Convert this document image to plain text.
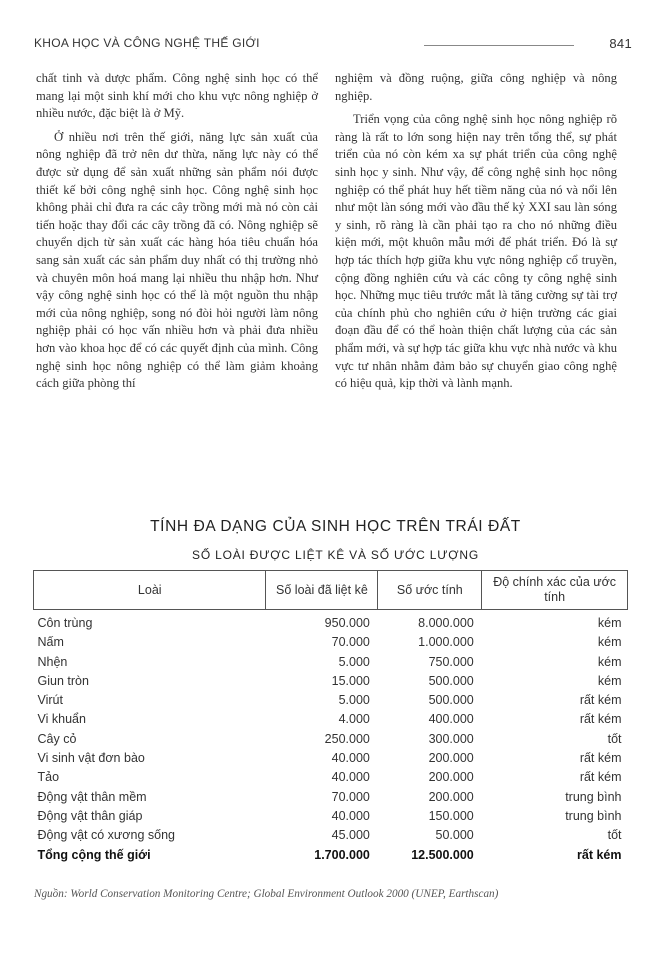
KHOA HỌC VÀ CÔNG NGHỆ THẾ GIỚI	841

chất tinh và dược phẩm. Công nghệ sinh học có thể mang lại một sinh khí mới cho khu vực nông nghiệp ở nhiều nước, đặc biệt là ở Mỹ.

Ở nhiều nơi trên thế giới, năng lực sản xuất của nông nghiệp đã trở nên dư thừa, năng lực này có thể được sử dụng để sản xuất những sản phẩm nói được thiết kế bởi công nghệ sinh học. Công nghệ sinh học không phải chỉ đưa ra các cây trồng mới mà nó còn cải tiến hoặc thay đổi các cây trồng đã có. Nông nghiệp sẽ chuyển dịch từ sản xuất các hàng hóa tiêu chuẩn hóa sang sản xuất các sản phẩm duy nhất có thị trường nhỏ và chuyên môn hoá mang lại nhiều thu nhập hơn. Như vậy công nghệ sinh học có thể là một nguồn thu nhập mới của nông nghiệp, song nó đòi hỏi người làm nông nghiệp phải có học vấn nhiều hơn và phải đưa nhiều hơn vào khoa học để có các quyết định của mình. Công nghệ sinh học nông nghiệp có thể làm giảm khoảng cách giữa phòng thí

nghiệm và đồng ruộng, giữa công nghiệp và nông nghiệp.

Triển vọng của công nghệ sinh học nông nghiệp rõ ràng là rất to lớn song hiện nay trên tổng thể, sự phát triển của nó còn kém xa sự phát triển của công nghệ sinh học y sinh. Như vậy, để công nghệ sinh học nông nghiệp có thể phát huy hết tiềm năng của nó và nổi lên như một làn sóng mới vào đầu thế kỷ XXI sau làn sóng y sinh, rõ ràng là cần phải tạo ra cho nó những điều kiện mới, một khuôn mẫu mới để phát triển. Đó là sự hợp tác thích hợp giữa khu vực nông nghiệp cổ truyền, cộng đồng nghiên cứu và các công ty công nghệ sinh học. Những mục tiêu trước mắt là tăng cường sự tài trợ của chính phủ cho nghiên cứu ở hiện trường các giai đoạn đầu để có thể hoàn thiện chất lượng của các sản phẩm mới, và sự hợp tác giữa khu vực nhà nước và khu vực tư nhân nhằm đảm bảo sự chuyển giao công nghệ có hiệu quả, kịp thời và lành mạnh.

TÍNH ĐA DẠNG CỦA SINH HỌC TRÊN TRÁI ĐẤT
SỐ LOÀI ĐƯỢC LIỆT KÊ VÀ SỐ ƯỚC LƯỢNG
Loài	Số loài đã liệt kê	Số ước tính	Độ chính xác của ước tính
Côn trùng	950.000	8.000.000	kém
Nấm	70.000	1.000.000	kém
Nhện	5.000	750.000	kém
Giun tròn	15.000	500.000	kém
Virút	5.000	500.000	rất kém
Vi khuẩn	4.000	400.000	rất kém
Cây cỏ	250.000	300.000	tốt
Vi sinh vật đơn bào	40.000	200.000	rất kém
Tảo	40.000	200.000	rất kém
Động vật thân mềm	70.000	200.000	trung bình
Động vật thân giáp	40.000	150.000	trung bình
Động vật có xương sống	45.000	50.000	tốt
Tổng cộng thế giới	1.700.000	12.500.000	rất kém
Nguồn: World Conservation Monitoring Centre; Global Environment Outlook 2000 (UNEP, Earthscan)
